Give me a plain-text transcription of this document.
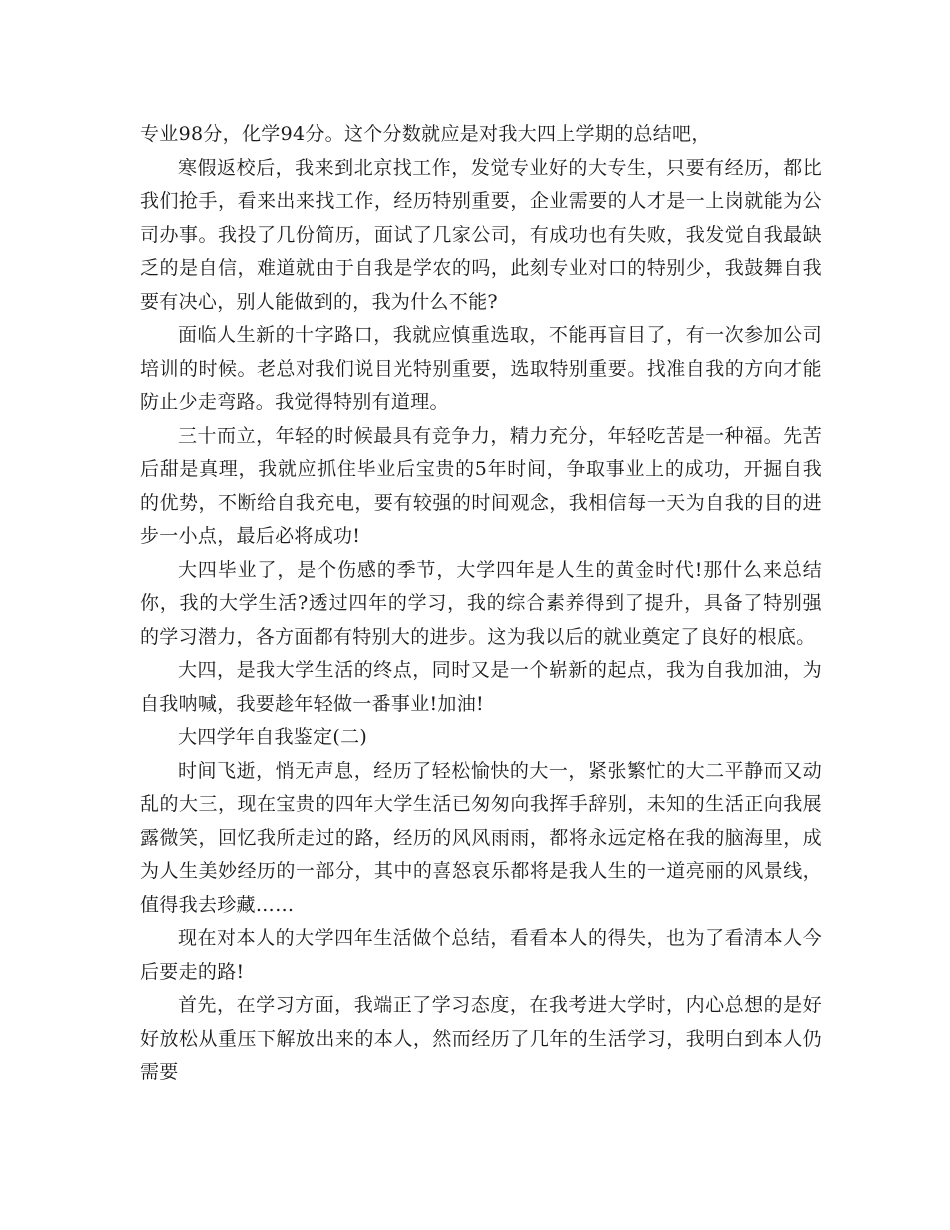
专业98分，化学94分。这个分数就应是对我大四上学期的总结吧，

寒假返校后，我来到北京找工作，发觉专业好的大专生，只要有经历，都比我们抢手，看来出来找工作，经历特别重要，企业需要的人才是一上岗就能为公司办事。我投了几份简历，面试了几家公司，有成功也有失败，我发觉自我最缺乏的是自信，难道就由于自我是学农的吗，此刻专业对口的特别少，我鼓舞自我要有决心，别人能做到的，我为什么不能?

面临人生新的十字路口，我就应慎重选取，不能再盲目了，有一次参加公司培训的时候。老总对我们说目光特别重要，选取特别重要。找准自我的方向才能防止少走弯路。我觉得特别有道理。

三十而立，年轻的时候最具有竞争力，精力充分，年轻吃苦是一种福。先苦后甜是真理，我就应抓住毕业后宝贵的5年时间，争取事业上的成功，开掘自我的优势，不断给自我充电，要有较强的时间观念，我相信每一天为自我的目的进步一小点，最后必将成功!

大四毕业了，是个伤感的季节，大学四年是人生的黄金时代!那什么来总结你，我的大学生活?透过四年的学习，我的综合素养得到了提升，具备了特别强的学习潜力，各方面都有特别大的进步。这为我以后的就业奠定了良好的根底。

大四，是我大学生活的终点，同时又是一个崭新的起点，我为自我加油，为自我呐喊，我要趁年轻做一番事业!加油!

大四学年自我鉴定(二)

时间飞逝，悄无声息，经历了轻松愉快的大一，紧张繁忙的大二平静而又动乱的大三，现在宝贵的四年大学生活已匆匆向我挥手辞别，未知的生活正向我展露微笑，回忆我所走过的路，经历的风风雨雨，都将永远定格在我的脑海里，成为人生美妙经历的一部分，其中的喜怒哀乐都将是我人生的一道亮丽的风景线，值得我去珍藏……

现在对本人的大学四年生活做个总结，看看本人的得失，也为了看清本人今后要走的路!

首先，在学习方面，我端正了学习态度，在我考进大学时，内心总想的是好好放松从重压下解放出来的本人，然而经历了几年的生活学习，我明白到本人仍需要
